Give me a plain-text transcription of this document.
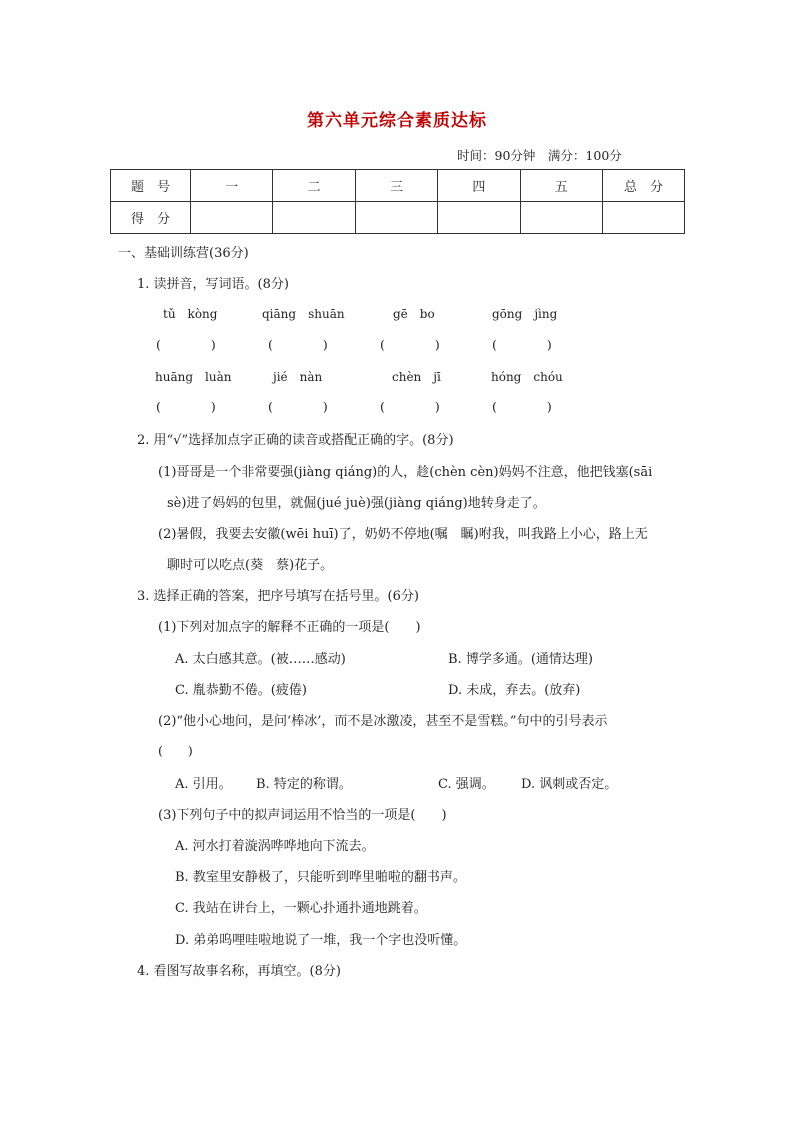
第六单元综合素质达标
时间：90分钟　 满分：100分
题　号	一	二	三	四	五	总　分
得　分						
一、基础训练营(36分)
1. 读拼音，写词语。(8分)
tǔ　kòng	qiāng　shuān	gē　bo	gōng　jìng
(　　　　)	(　　　　)	(　　　　)	(　　　　)
huāng　luàn	jié　nàn	chèn　jī	hóng　chóu
(　　　　)	(　　　　)	(　　　　)	(　　　　)
2. 用“√”选择加点字正确的读音或搭配正确的字。(8分)
(1)哥哥是一个非常要强(jiàng qiáng)的人，趁(chèn cèn)妈妈不注意，他把钱塞(sāi
sè)进了妈妈的包里，就倔(jué juè)强(jiàng qiáng)地转身走了。
(2)暑假，我要去安徽(wēi huī)了，奶奶不停地(嘱　瞩)咐我，叫我路上小心，路上无
聊时可以吃点(葵　蔡)花子。
3. 选择正确的答案，把序号填写在括号里。(6分)
(1)下列对加点字的解释不正确的一项是(　　)
A. 太白感其意。(被……感动)	B. 博学多通。(通情达理)
C. 胤恭勤不倦。(疲倦)	D. 未成，弃去。(放弃)
(2)“他小心地问，是问‘棒冰’，而不是冰激凌，甚至不是雪糕。”句中的引号表示
(　　)
A. 引用。 B. 特定的称谓。	C. 强调。 D. 讽刺或否定。
(3)下列句子中的拟声词运用不恰当的一项是(　　)
A. 河水打着漩涡哗哗地向下流去。
B. 教室里安静极了，只能听到哗里啪啦的翻书声。
C. 我站在讲台上，一颗心扑通扑通地跳着。
D. 弟弟呜哩哇啦地说了一堆，我一个字也没听懂。
4. 看图写故事名称，再填空。(8分)
